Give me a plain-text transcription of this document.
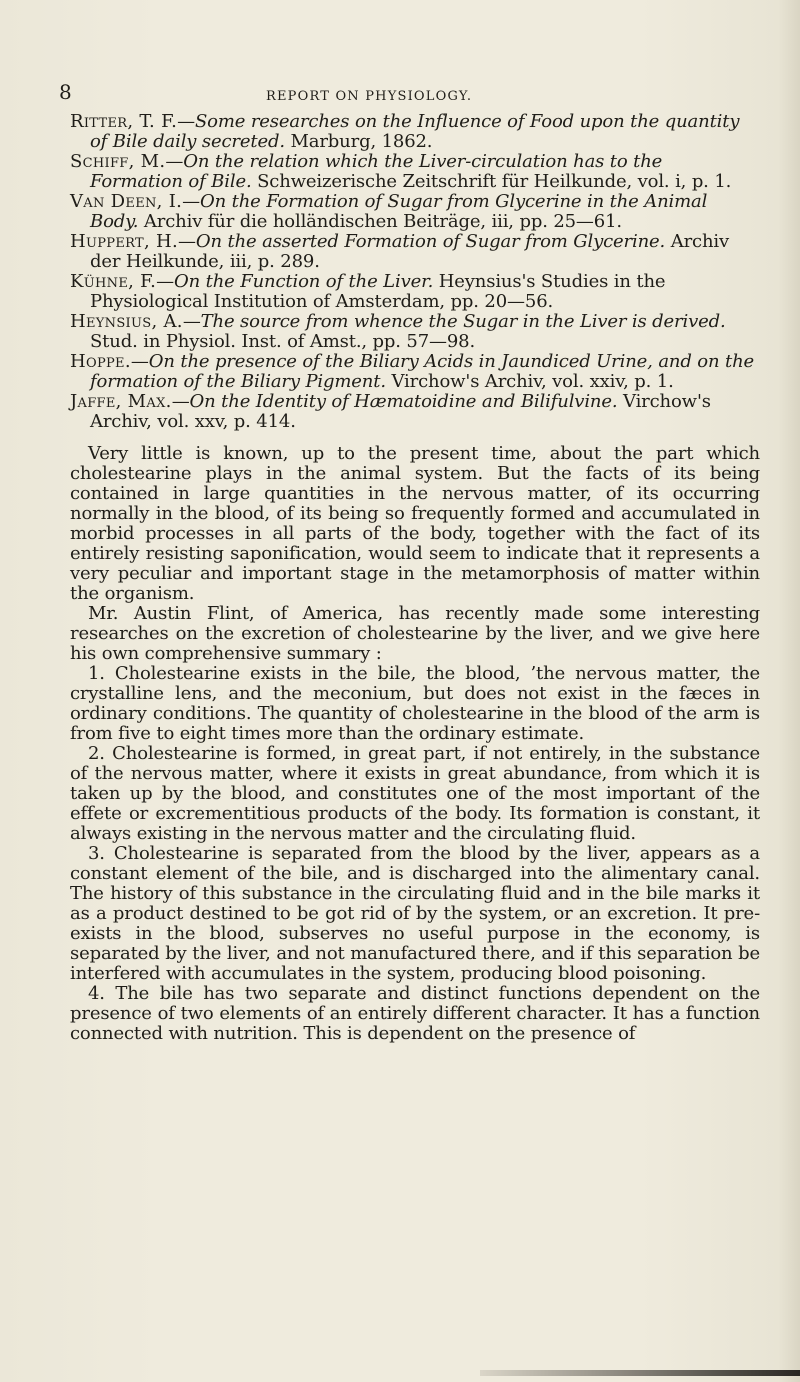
8	REPORT ON PHYSIOLOGY.

Ritter, T. F.—Some researches on the Influence of Food upon the quantity of Bile daily secreted. Marburg, 1862.

Schiff, M.—On the relation which the Liver-circulation has to the Formation of Bile. Schweizerische Zeitschrift für Heilkunde, vol. i, p. 1.

Van Deen, I.—On the Formation of Sugar from Glycerine in the Animal Body. Archiv für die holländischen Beiträge, iii, pp. 25—61.

Huppert, H.—On the asserted Formation of Sugar from Glycerine. Archiv der Heilkunde, iii, p. 289.

Kühne, F.—On the Function of the Liver. Heynsius's Studies in the Physiological Institution of Amsterdam, pp. 20—56.

Heynsius, A.—The source from whence the Sugar in the Liver is derived. Stud. in Physiol. Inst. of Amst., pp. 57—98.

Hoppe.—On the presence of the Biliary Acids in Jaundiced Urine, and on the formation of the Biliary Pigment. Virchow's Archiv, vol. xxiv, p. 1.

Jaffe, Max.—On the Identity of Hæmatoidine and Bilifulvine. Virchow's Archiv, vol. xxv, p. 414.

Very little is known, up to the present time, about the part which cholestearine plays in the animal system. But the facts of its being contained in large quantities in the nervous matter, of its occurring normally in the blood, of its being so frequently formed and accumulated in morbid processes in all parts of the body, together with the fact of its entirely resisting saponification, would seem to indicate that it represents a very peculiar and important stage in the metamorphosis of matter within the organism.

Mr. Austin Flint, of America, has recently made some interesting researches on the excretion of cholestearine by the liver, and we give here his own comprehensive summary :

1. Cholestearine exists in the bile, the blood, ’the nervous matter, the crystalline lens, and the meconium, but does not exist in the fæces in ordinary conditions. The quantity of cholestearine in the blood of the arm is from five to eight times more than the ordinary estimate.

2. Cholestearine is formed, in great part, if not entirely, in the substance of the nervous matter, where it exists in great abundance, from which it is taken up by the blood, and constitutes one of the most important of the effete or excrementitious products of the body. Its formation is constant, it always existing in the nervous matter and the circulating fluid.

3. Cholestearine is separated from the blood by the liver, appears as a constant element of the bile, and is discharged into the alimentary canal. The history of this substance in the circulating fluid and in the bile marks it as a product destined to be got rid of by the system, or an excretion. It pre-exists in the blood, subserves no useful purpose in the economy, is separated by the liver, and not manufactured there, and if this separation be interfered with accumulates in the system, producing blood poisoning.

4. The bile has two separate and distinct functions dependent on the presence of two elements of an entirely different character. It has a function connected with nutrition. This is dependent on the presence of
